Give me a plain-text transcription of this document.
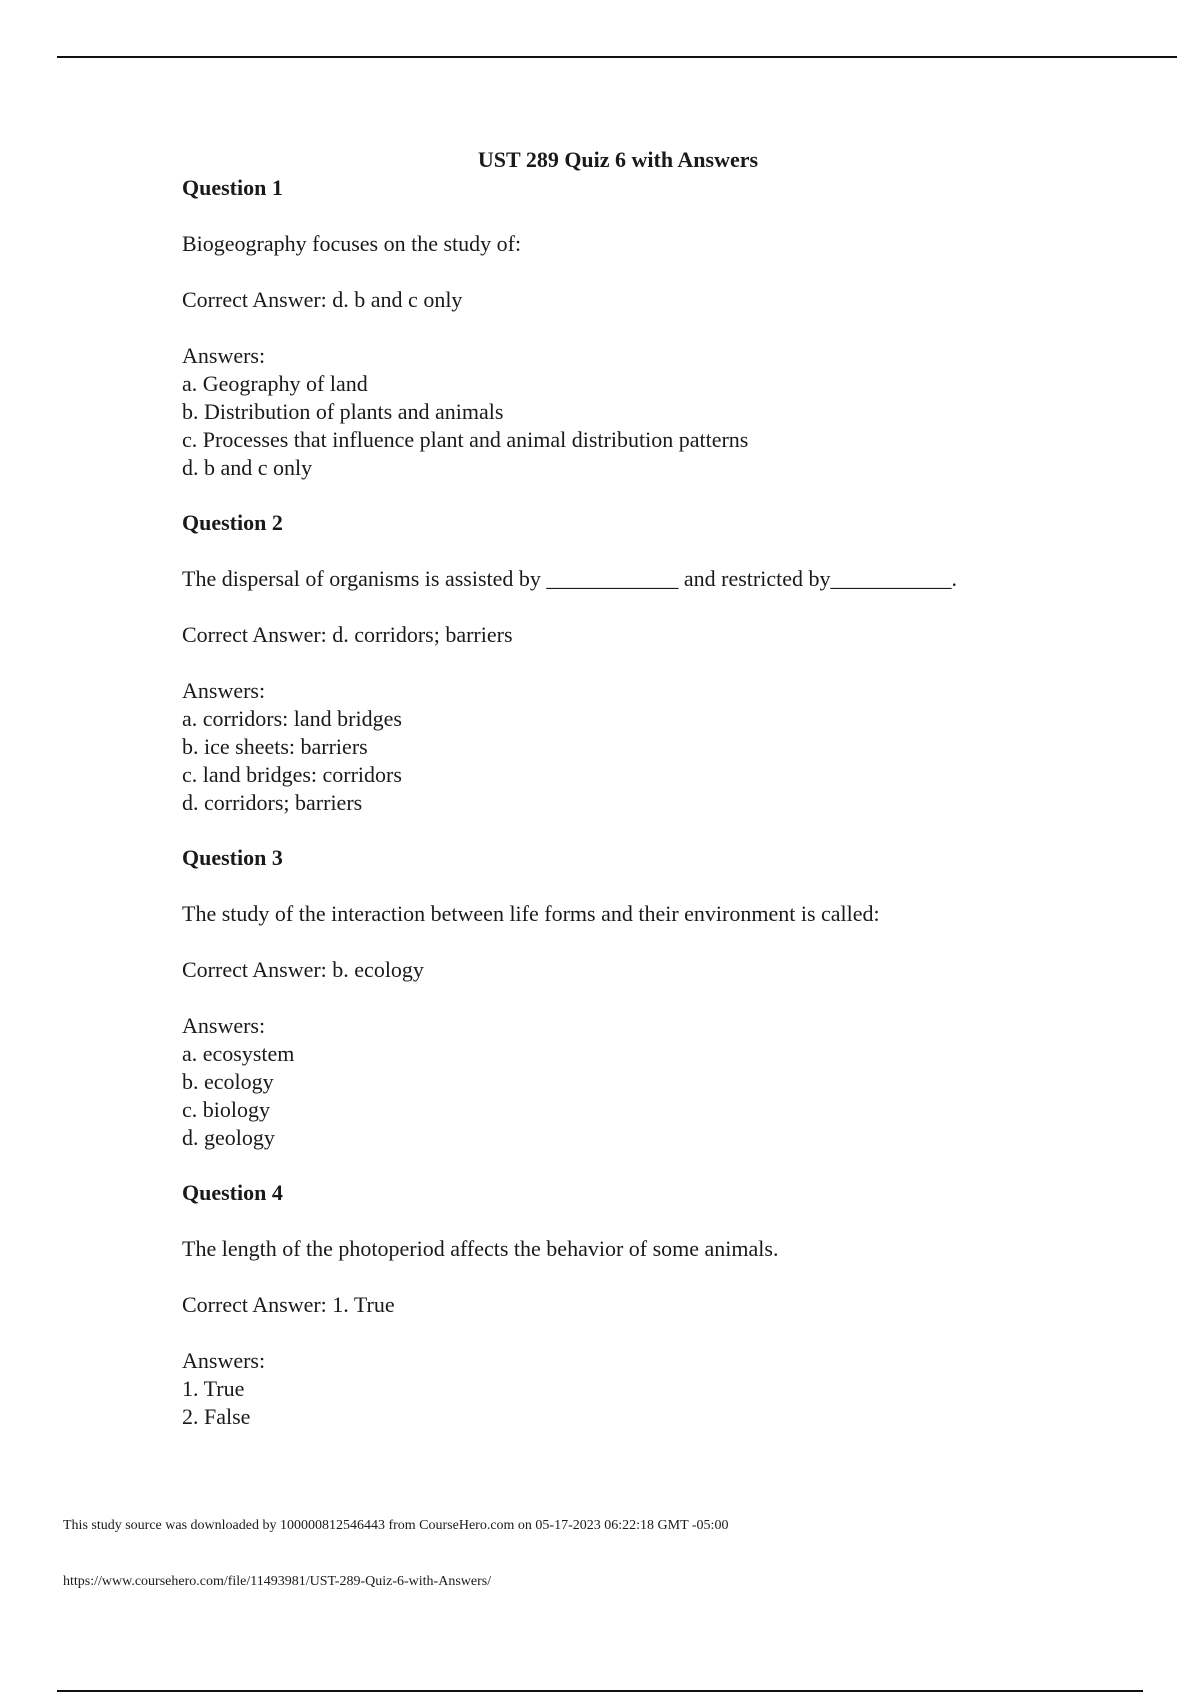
UST 289 Quiz 6 with Answers

Question 1

Biogeography focuses on the study of:

Correct Answer: d. b and c only

Answers:

a. Geography of land
b. Distribution of plants and animals
c. Processes that influence plant and animal distribution patterns
d. b and c only

Question 2

The dispersal of organisms is assisted by ____________ and restricted by___________.

Correct Answer: d. corridors; barriers

Answers:

a. corridors: land bridges
b. ice sheets: barriers
c. land bridges: corridors
d. corridors; barriers

Question 3

The study of the interaction between life forms and their environment is called:

Correct Answer: b. ecology

Answers:

a. ecosystem
b. ecology
c. biology
d. geology

Question 4

The length of the photoperiod affects the behavior of some animals.

Correct Answer: 1. True

Answers:

1. True
2. False
This study source was downloaded by 100000812546443 from CourseHero.com on 05-17-2023 06:22:18 GMT -05:00
https://www.coursehero.com/file/11493981/UST-289-Quiz-6-with-Answers/
